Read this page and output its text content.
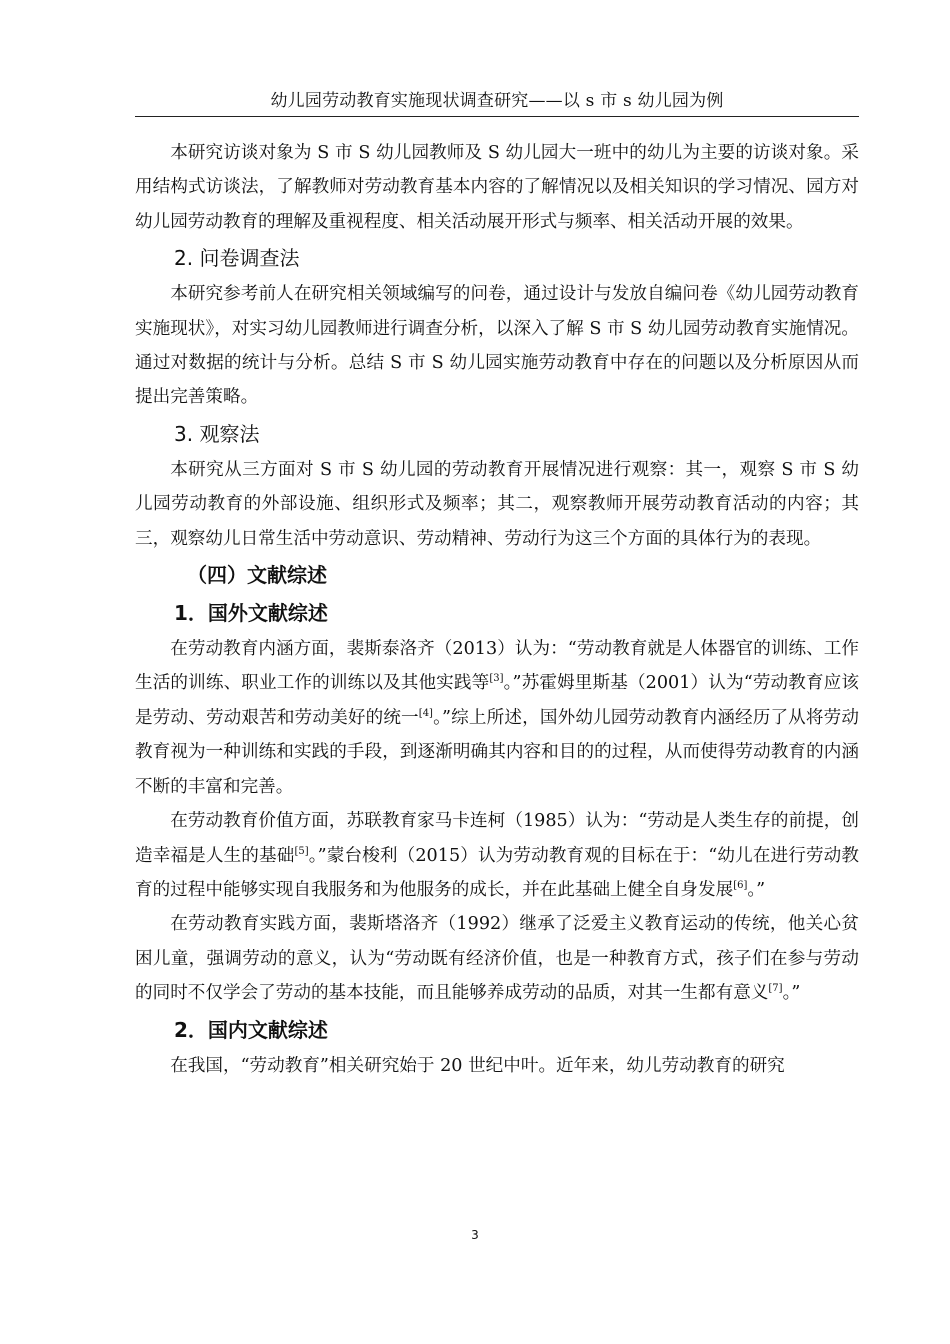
幼儿园劳动教育实施现状调查研究——以 s 市 s 幼儿园为例

本研究访谈对象为 S 市 S 幼儿园教师及 S 幼儿园大一班中的幼儿为主要的访谈对象。采用结构式访谈法，了解教师对劳动教育基本内容的了解情况以及相关知识的学习情况、园方对幼儿园劳动教育的理解及重视程度、相关活动展开形式与频率、相关活动开展的效果。

2. 问卷调查法

本研究参考前人在研究相关领域编写的问卷，通过设计与发放自编问卷《幼儿园劳动教育实施现状》，对实习幼儿园教师进行调查分析，以深入了解 S 市 S 幼儿园劳动教育实施情况。通过对数据的统计与分析。总结 S 市 S 幼儿园实施劳动教育中存在的问题以及分析原因从而提出完善策略。

3. 观察法

本研究从三方面对 S 市 S 幼儿园的劳动教育开展情况进行观察：其一，观察 S 市 S 幼儿园劳动教育的外部设施、组织形式及频率；其二，观察教师开展劳动教育活动的内容；其三，观察幼儿日常生活中劳动意识、劳动精神、劳动行为这三个方面的具体行为的表现。

（四）文献综述
1．国外文献综述

在劳动教育内涵方面，裴斯泰洛齐（2013）认为：“劳动教育就是人体器官的训练、工作生活的训练、职业工作的训练以及其他实践等[3]。”苏霍姆里斯基（2001）认为“劳动教育应该是劳动、劳动艰苦和劳动美好的统一[4]。”综上所述，国外幼儿园劳动教育内涵经历了从将劳动教育视为一种训练和实践的手段，到逐渐明确其内容和目的的过程，从而使得劳动教育的内涵不断的丰富和完善。

在劳动教育价值方面，苏联教育家马卡连柯（1985）认为：“劳动是人类生存的前提，创造幸福是人生的基础[5]。”蒙台梭利（2015）认为劳动教育观的目标在于：“幼儿在进行劳动教育的过程中能够实现自我服务和为他服务的成长，并在此基础上健全自身发展[6]。”

在劳动教育实践方面，裴斯塔洛齐（1992）继承了泛爱主义教育运动的传统，他关心贫困儿童，强调劳动的意义，认为“劳动既有经济价值，也是一种教育方式，孩子们在参与劳动的同时不仅学会了劳动的基本技能，而且能够养成劳动的品质，对其一生都有意义[7]。”

2．国内文献综述

在我国，“劳动教育”相关研究始于 20 世纪中叶。近年来，幼儿劳动教育的研究

3
